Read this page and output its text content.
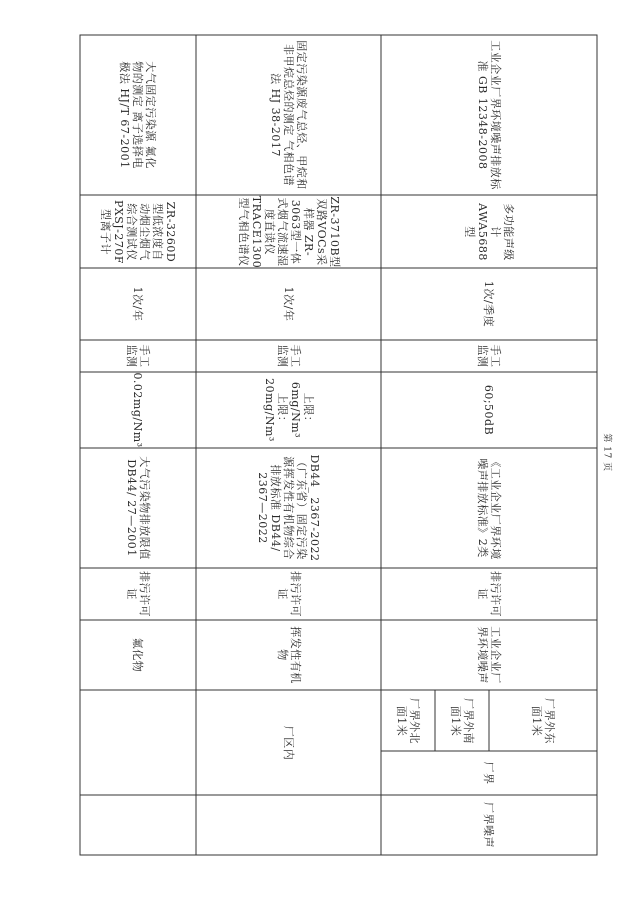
大气固定污染源 氟化物的测定 离子选择电极法 HJ/T 67-2001
ZR-3260D型低浓度自动烟尘烟气综合测试仪 PXSJ-270F型离子计
1次/年
手工监测
0.02mg/Nm³
大气污染物排放限值 DB44/ 27—2001
排污许可证
氟化物
固定污染源废气总烃、甲烷和非甲烷总烃的测定 气相色谱法 HJ 38-2017
ZR-3710B型双路VOCs采样器 ZR-3063型一体式烟气流速湿度直读仪 TRACE1300型气相色谱仪
1次/年
手工监测
上限：6mg/Nm³ 上限：20mg/Nm³
DB44_ 2367-2022（广东省）固定污染源挥发性有机物综合排放标准 DB44/ 2367—2022
排污许可证
挥发性有机物
厂区内
工业企业厂界环境噪声排放标准 GB 12348-2008
多功能声级计 AWA5688型
1次/季度
手工监测
60;50dB
《工业企业厂界环境噪声排放标准》2类
排污许可证
工业企业厂界环境噪声
厂界外北面1米	厂界外南面1米	厂界外东面1米
厂界
厂界噪声
第 17 页
